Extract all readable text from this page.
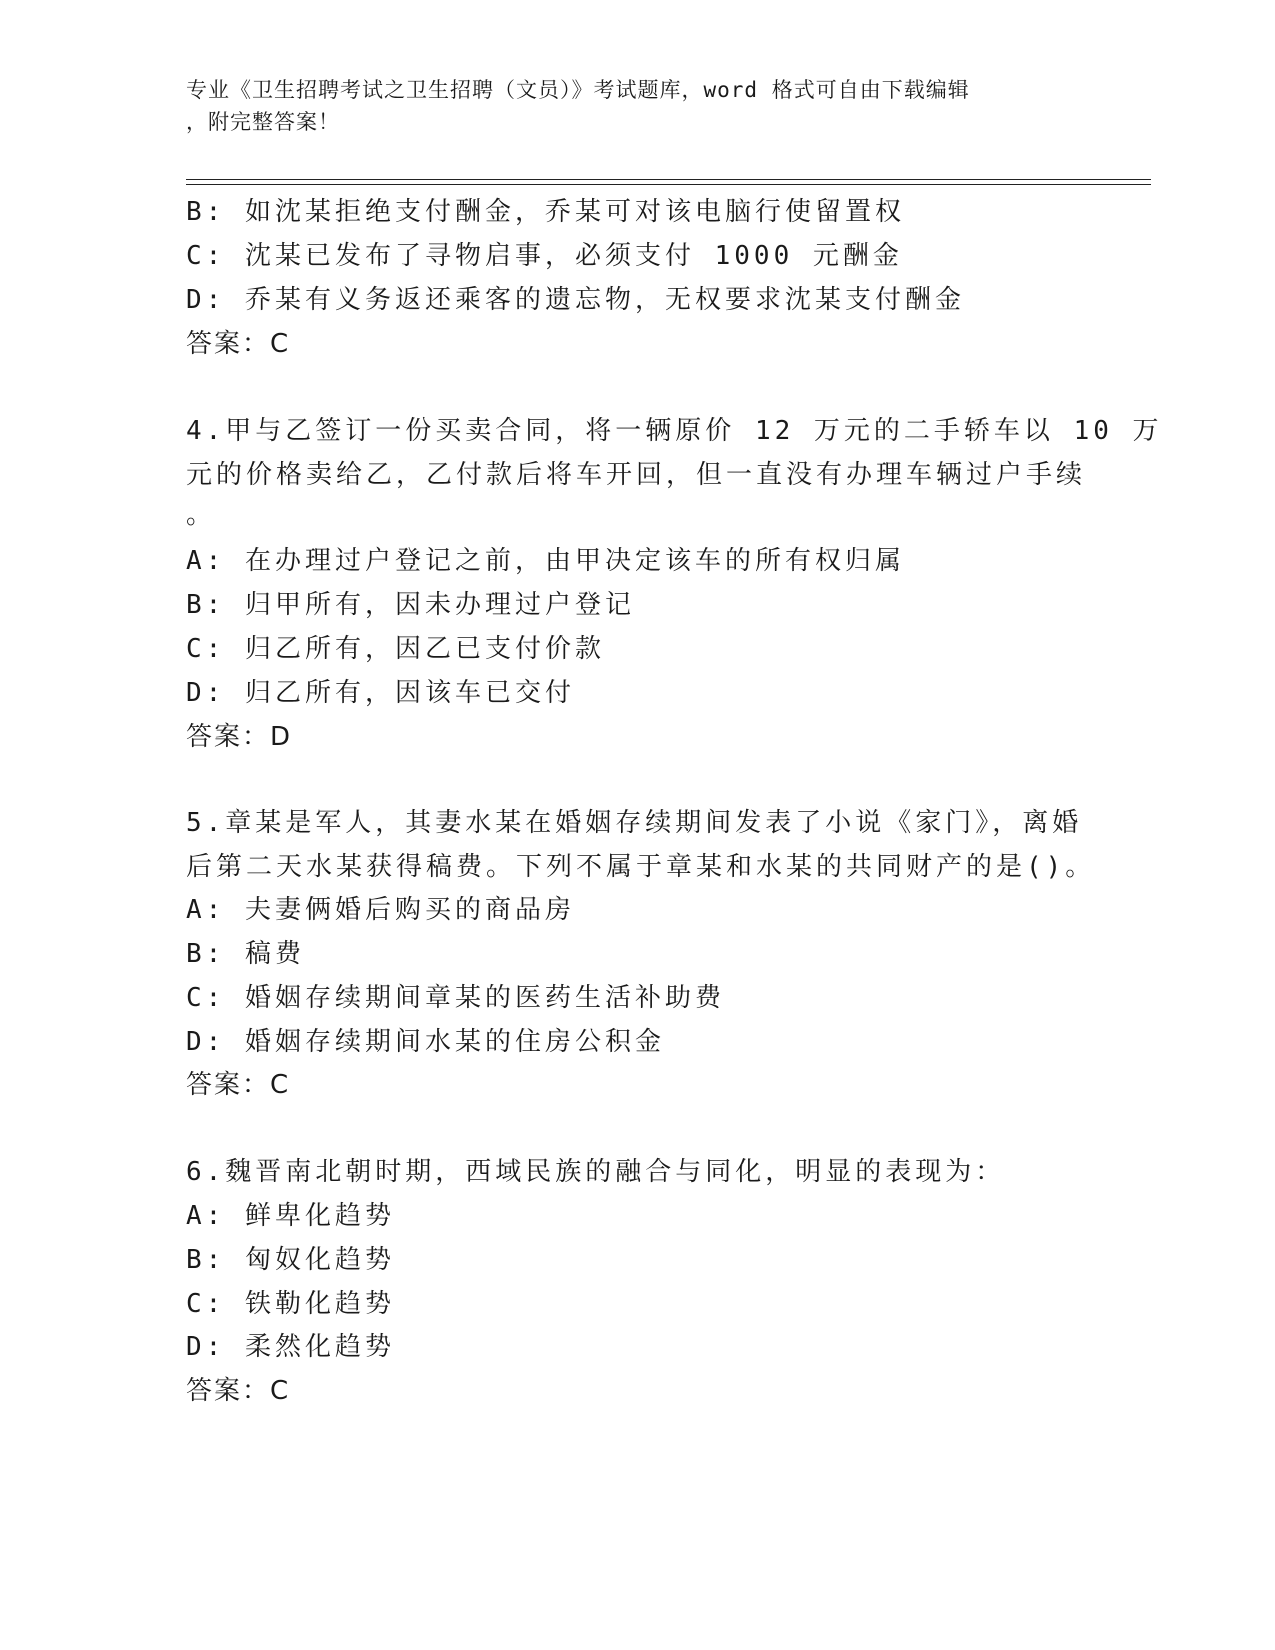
专业《卫生招聘考试之卫生招聘（文员）》考试题库，word 格式可自由下载编辑
，附完整答案！
B: 如沈某拒绝支付酬金，乔某可对该电脑行使留置权
C: 沈某已发布了寻物启事，必须支付 1000 元酬金
D: 乔某有义务返还乘客的遗忘物，无权要求沈某支付酬金
答案：C
4.甲与乙签订一份买卖合同，将一辆原价 12 万元的二手轿车以 10 万
元的价格卖给乙，乙付款后将车开回，但一直没有办理车辆过户手续
。
A: 在办理过户登记之前，由甲决定该车的所有权归属
B: 归甲所有，因未办理过户登记
C: 归乙所有，因乙已支付价款
D: 归乙所有，因该车已交付
答案：D
5.章某是军人，其妻水某在婚姻存续期间发表了小说《家门》，离婚
后第二天水某获得稿费。下列不属于章某和水某的共同财产的是()。
A: 夫妻俩婚后购买的商品房
B: 稿费
C: 婚姻存续期间章某的医药生活补助费
D: 婚姻存续期间水某的住房公积金
答案：C
6.魏晋南北朝时期，西域民族的融合与同化，明显的表现为：
A: 鲜卑化趋势
B: 匈奴化趋势
C: 铁勒化趋势
D: 柔然化趋势
答案：C
